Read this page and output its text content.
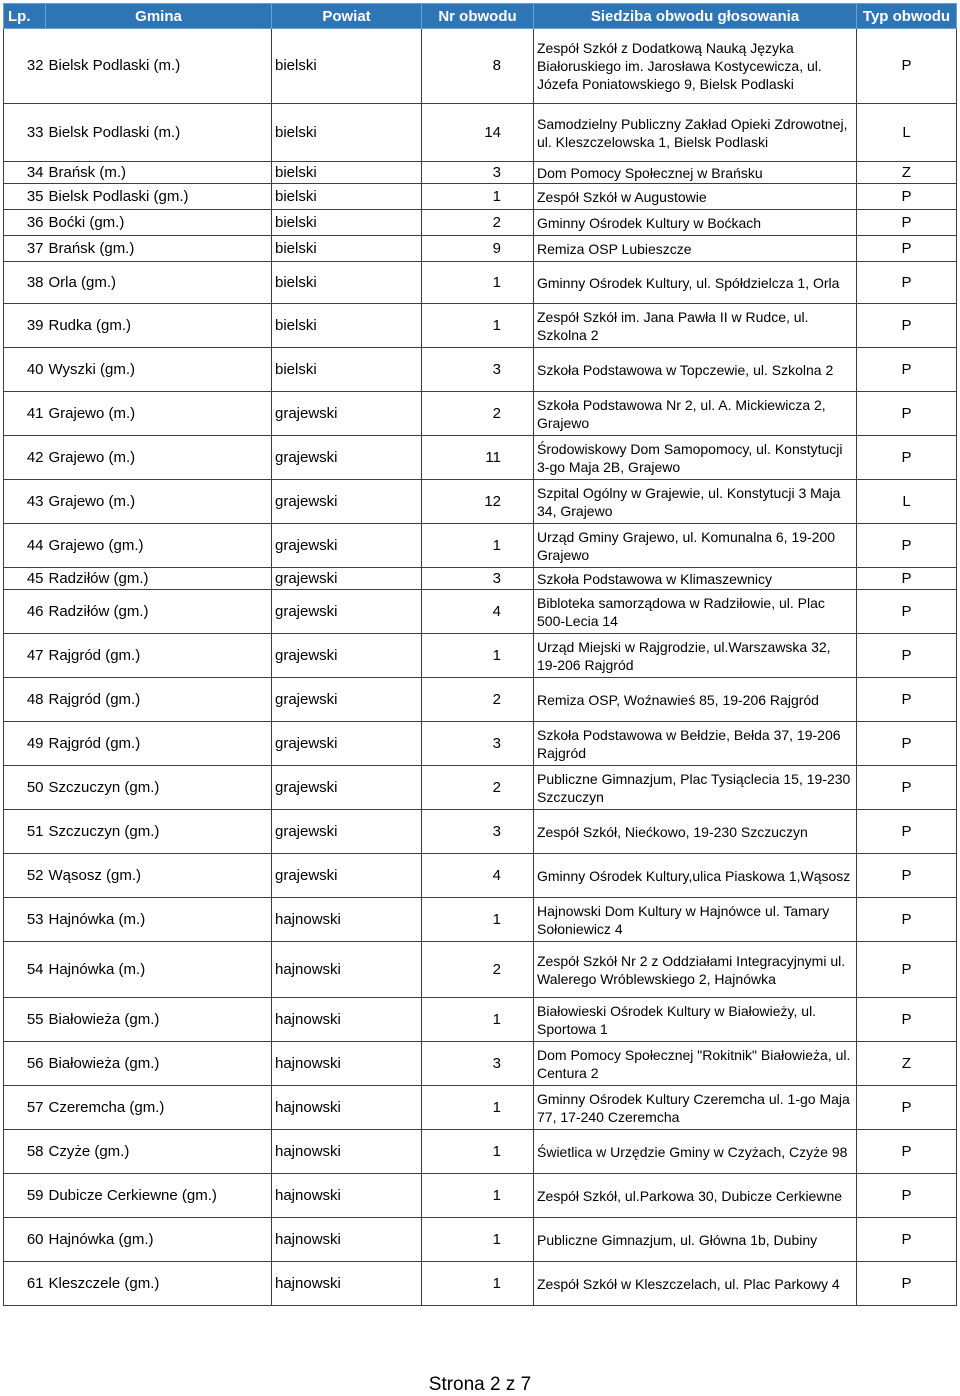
Lp.	Gmina	Powiat	Nr obwodu	Siedziba obwodu głosowania	Typ obwodu
32	Bielsk Podlaski (m.)	bielski	8	Zespół Szkół z Dodatkową Nauką Języka Białoruskiego im. Jarosława Kostycewicza, ul. Józefa Poniatowskiego 9, Bielsk Podlaski	P
33	Bielsk Podlaski (m.)	bielski	14	Samodzielny Publiczny Zakład Opieki Zdrowotnej, ul. Kleszczelowska 1, Bielsk Podlaski	L
34	Brańsk (m.)	bielski	3	Dom Pomocy Społecznej w Brańsku	Z
35	Bielsk Podlaski (gm.)	bielski	1	Zespół Szkół w Augustowie	P
36	Boćki (gm.)	bielski	2	Gminny Ośrodek Kultury w Boćkach	P
37	Brańsk (gm.)	bielski	9	Remiza OSP Lubieszcze	P
38	Orla (gm.)	bielski	1	Gminny Ośrodek Kultury, ul. Spółdzielcza 1, Orla	P
39	Rudka (gm.)	bielski	1	Zespół Szkół im. Jana Pawła II w Rudce, ul. Szkolna 2	P
40	Wyszki (gm.)	bielski	3	Szkoła Podstawowa w Topczewie, ul. Szkolna 2	P
41	Grajewo (m.)	grajewski	2	Szkoła Podstawowa Nr 2, ul. A. Mickiewicza 2, Grajewo	P
42	Grajewo (m.)	grajewski	11	Środowiskowy Dom Samopomocy, ul. Konstytucji 3-go Maja 2B, Grajewo	P
43	Grajewo (m.)	grajewski	12	Szpital Ogólny w Grajewie, ul. Konstytucji 3 Maja 34, Grajewo	L
44	Grajewo (gm.)	grajewski	1	Urząd Gminy Grajewo, ul. Komunalna 6, 19-200 Grajewo	P
45	Radziłów (gm.)	grajewski	3	Szkoła Podstawowa w Klimaszewnicy	P
46	Radziłów (gm.)	grajewski	4	Bibloteka samorządowa w Radziłowie, ul. Plac 500-Lecia 14	P
47	Rajgród (gm.)	grajewski	1	Urząd Miejski w Rajgrodzie, ul.Warszawska 32, 19-206 Rajgród	P
48	Rajgród (gm.)	grajewski	2	Remiza OSP, Woźnawieś 85, 19-206 Rajgród	P
49	Rajgród (gm.)	grajewski	3	Szkoła Podstawowa w Bełdzie, Bełda 37, 19-206 Rajgród	P
50	Szczuczyn (gm.)	grajewski	2	Publiczne Gimnazjum, Plac Tysiąclecia 15, 19-230 Szczuczyn	P
51	Szczuczyn (gm.)	grajewski	3	Zespół Szkół, Niećkowo, 19-230 Szczuczyn	P
52	Wąsosz (gm.)	grajewski	4	Gminny Ośrodek Kultury,ulica Piaskowa 1,Wąsosz	P
53	Hajnówka (m.)	hajnowski	1	Hajnowski Dom Kultury w Hajnówce ul. Tamary Sołoniewicz 4	P
54	Hajnówka (m.)	hajnowski	2	Zespół Szkół Nr 2 z Oddziałami Integracyjnymi ul. Walerego Wróblewskiego 2, Hajnówka	P
55	Białowieża (gm.)	hajnowski	1	Białowieski Ośrodek Kultury w Białowieży, ul. Sportowa 1	P
56	Białowieża (gm.)	hajnowski	3	Dom Pomocy Społecznej "Rokitnik" Białowieża, ul. Centura 2	Z
57	Czeremcha (gm.)	hajnowski	1	Gminny Ośrodek Kultury Czeremcha ul. 1-go Maja 77, 17-240 Czeremcha	P
58	Czyże (gm.)	hajnowski	1	Świetlica w Urzędzie Gminy w Czyżach, Czyże 98	P
59	Dubicze Cerkiewne (gm.)	hajnowski	1	Zespół Szkół, ul.Parkowa 30, Dubicze Cerkiewne	P
60	Hajnówka (gm.)	hajnowski	1	Publiczne Gimnazjum, ul. Główna 1b, Dubiny	P
61	Kleszczele (gm.)	hajnowski	1	Zespół Szkół w Kleszczelach, ul. Plac Parkowy 4	P
Strona 2 z 7
